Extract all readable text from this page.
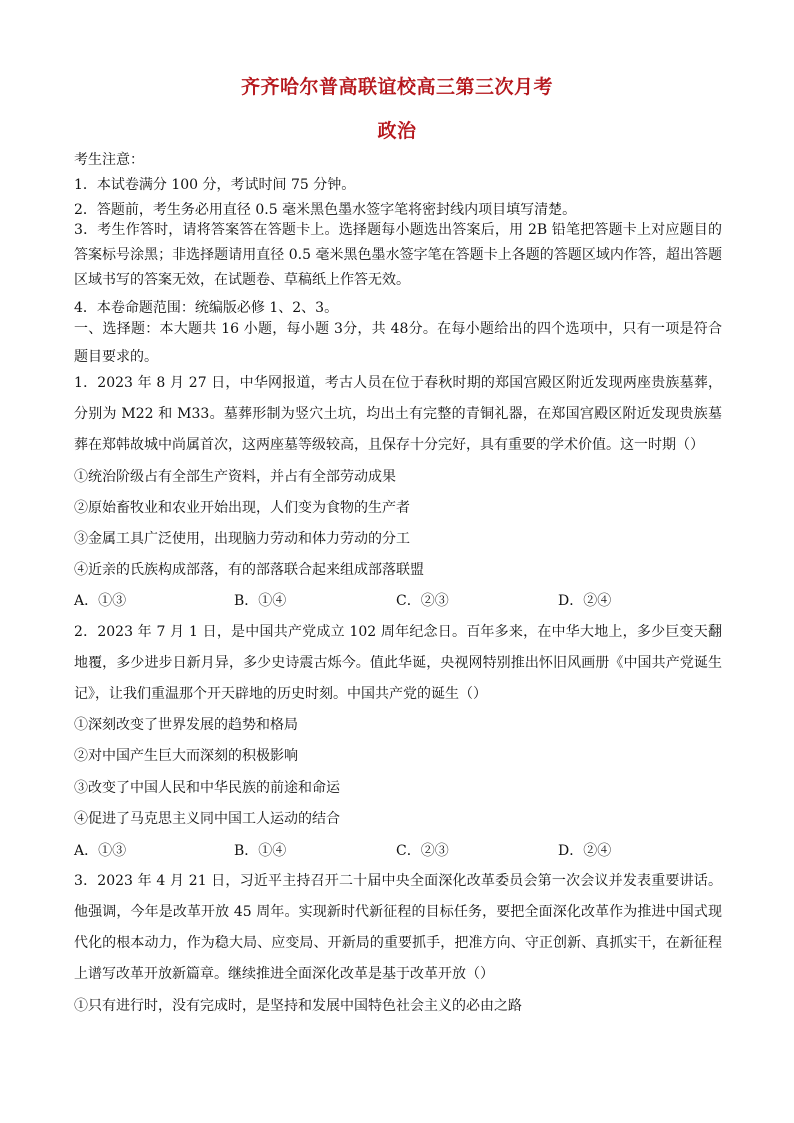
齐齐哈尔普高联谊校高三第三次月考
政治
考生注意：
1．本试卷满分 100 分，考试时间 75 分钟。
2．答题前，考生务必用直径 0.5 毫米黑色墨水签字笔将密封线内项目填写清楚。
3．考生作答时，请将答案答在答题卡上。选择题每小题选出答案后，用 2B 铅笔把答题卡上对应题目的答案标号涂黑；非选择题请用直径 0.5 毫米黑色墨水签字笔在答题卡上各题的答题区域内作答，超出答题区域书写的答案无效，在试题卷、草稿纸上作答无效。
4．本卷命题范围：统编版必修 1、2、3。
一、选择题：本大题共 16 小题，每小题 3分，共 48分。在每小题给出的四个选项中，只有一项是符合题目要求的。
1．2023 年 8 月 27 日，中华网报道，考古人员在位于春秋时期的郑国宫殿区附近发现两座贵族墓葬，分别为 M22 和 M33。墓葬形制为竖穴土坑，均出土有完整的青铜礼器，在郑国宫殿区附近发现贵族墓葬在郑韩故城中尚属首次，这两座墓等级较高，且保存十分完好，具有重要的学术价值。这一时期（）
①统治阶级占有全部生产资料，并占有全部劳动成果
②原始畜牧业和农业开始出现，人们变为食物的生产者
③金属工具广泛使用，出现脑力劳动和体力劳动的分工
④近亲的氏族构成部落，有的部落联合起来组成部落联盟
A．①③	B．①④	C．②③	D．②④
2．2023 年 7 月 1 日，是中国共产党成立 102 周年纪念日。百年多来，在中华大地上，多少巨变天翻地覆，多少进步日新月异，多少史诗震古烁今。值此华诞，央视网特别推出怀旧风画册《中国共产党诞生记》，让我们重温那个开天辟地的历史时刻。中国共产党的诞生（）
①深刻改变了世界发展的趋势和格局
②对中国产生巨大而深刻的积极影响
③改变了中国人民和中华民族的前途和命运
④促进了马克思主义同中国工人运动的结合
A．①③	B．①④	C．②③	D．②④
3．2023 年 4 月 21 日，习近平主持召开二十届中央全面深化改革委员会第一次会议并发表重要讲话。他强调，今年是改革开放 45 周年。实现新时代新征程的目标任务，要把全面深化改革作为推进中国式现代化的根本动力，作为稳大局、应变局、开新局的重要抓手，把准方向、守正创新、真抓实干，在新征程上谱写改革开放新篇章。继续推进全面深化改革是基于改革开放（）
①只有进行时，没有完成时，是坚持和发展中国特色社会主义的必由之路
